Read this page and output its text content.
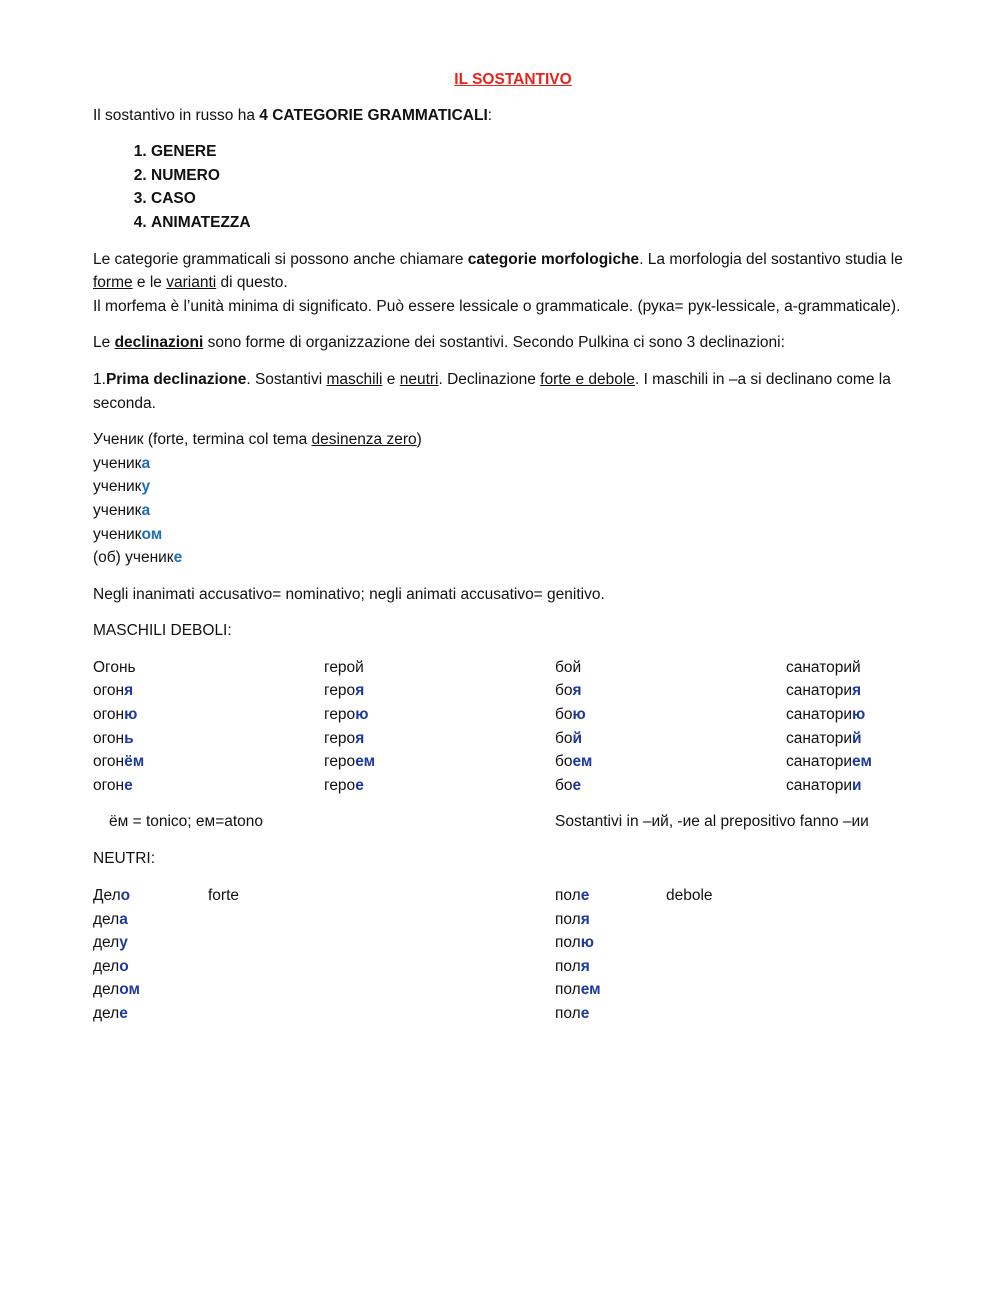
IL SOSTANTIVO

Il sostantivo in russo ha 4 CATEGORIE GRAMMATICALI:

1. GENERE
2. NUMERO
3. CASO
4. ANIMATEZZA

Le categorie grammaticali si possono anche chiamare categorie morfologiche. La morfologia del sostantivo studia le forme e le varianti di questo.
Il morfema è l’unità minima di significato. Può essere lessicale o grammaticale. (рука= рук-lessicale, а-grammaticale).

Le declinazioni sono forme di organizzazione dei sostantivi. Secondo Pulkina ci sono 3 declinazioni:

1.Prima declinazione. Sostantivi maschili e neutri. Declinazione forte e debole. I maschili in –a si declinano come la seconda.

Ученик (forte, termina col tema desinenza zero)
ученика
ученику
ученика
учеником
(об) ученике

Negli inanimati accusativo= nominativo; negli animati accusativo= genitivo.

MASCHILI DEBOLI:

Огонь
огоня
огоню
огонь
огонём
огоне
герой
героя
герою
героя
героем
герое
бой
боя
бою
бой
боем
бое
санаторий
санатория
санаторию
санаторий
санаторием
санатории
ём = tonico; ем=atono	Sostantivi in –ий, -ие al prepositivo fanno –ии

NEUTRI:

Дело
дела
делу
дело
делом
деле
forte	поле
поля
полю
поля
полем
поле
debole
